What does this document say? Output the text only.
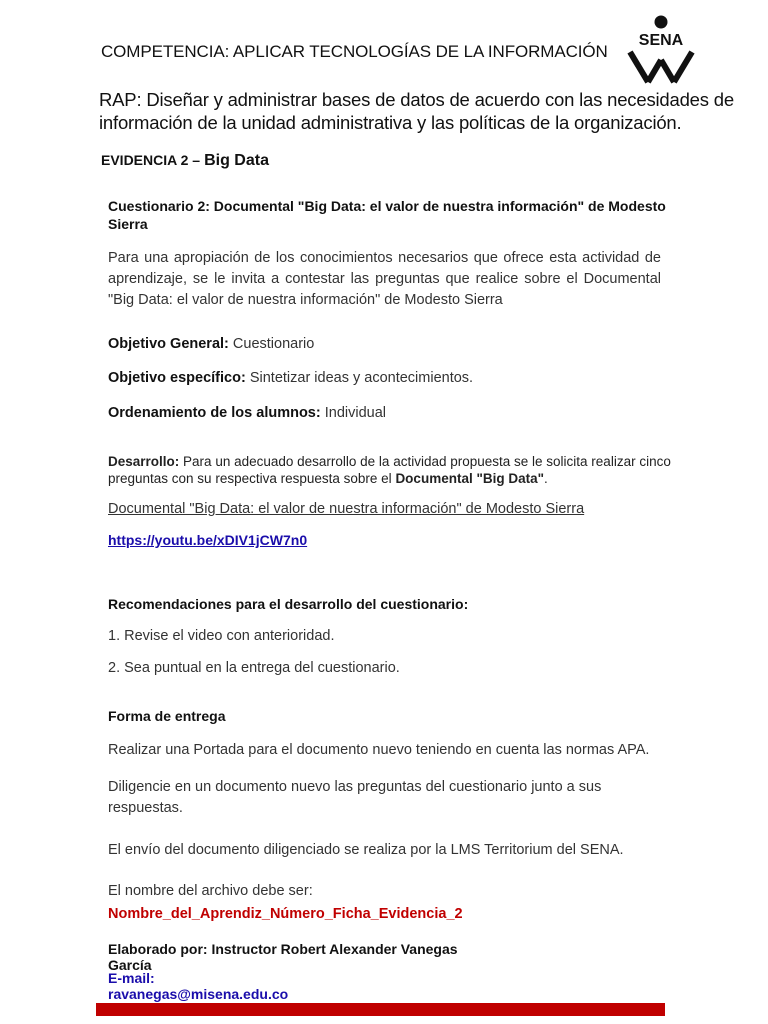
COMPETENCIA: APLICAR TECNOLOGÍAS DE LA INFORMACIÓN
SENA
RAP: Diseñar y administrar bases de datos de acuerdo con las necesidades de información de la unidad administrativa y las políticas de la organización.
EVIDENCIA 2 – Big Data
Cuestionario 2: Documental "Big Data: el valor de nuestra información" de Modesto Sierra
Para una apropiación de los conocimientos necesarios que ofrece esta actividad de aprendizaje, se le invita a contestar las preguntas que realice sobre el Documental "Big Data: el valor de nuestra información" de Modesto Sierra
Objetivo General: Cuestionario
Objetivo específico: Sintetizar ideas y acontecimientos.
Ordenamiento de los alumnos: Individual
Desarrollo: Para un adecuado desarrollo de la actividad propuesta se le solicita realizar cinco preguntas con su respectiva respuesta sobre el Documental "Big Data".
Documental "Big Data: el valor de nuestra información" de Modesto Sierra
https://youtu.be/xDIV1jCW7n0
Recomendaciones para el desarrollo del cuestionario:
1. Revise el video con anterioridad.
2. Sea puntual en la entrega del cuestionario.
Forma de entrega
Realizar una Portada para el documento nuevo teniendo en cuenta las normas APA.
Diligencie en un documento nuevo las preguntas del cuestionario junto a sus respuestas.
El envío del documento diligenciado se realiza por la LMS Territorium del SENA.
El nombre del archivo debe ser:
Nombre_del_Aprendiz_Número_Ficha_Evidencia_2
Elaborado por: Instructor Robert Alexander Vanegas García
E-mail: ravanegas@misena.edu.co
